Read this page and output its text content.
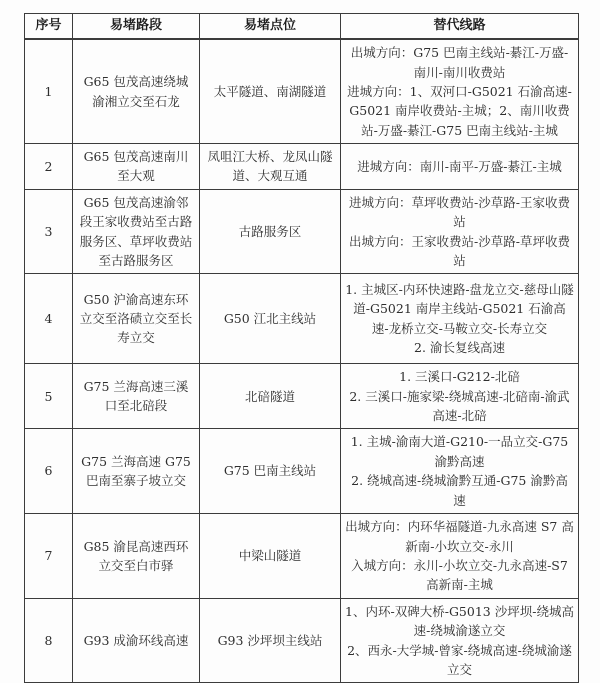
序号	易堵路段	易堵点位	替代线路
1	G65 包茂高速绕城渝湘立交至石龙	太平隧道、南湖隧道	出城方向：G75 巴南主线站-綦江-万盛-南川-南川收费站
进城方向：1、双河口-G5021 石渝高速-G5021 南岸收费站-主城；2、南川收费站-万盛-綦江-G75 巴南主线站-主城

2	G65 包茂高速南川至大观	凤咀江大桥、龙凤山隧道、大观互通	进城方向：南川-南平-万盛-綦江-主城

3	G65 包茂高速渝邻段王家收费站至古路服务区、草坪收费站至古路服务区	古路服务区	进城方向：草坪收费站-沙草路-王家收费站
出城方向：王家收费站-沙草路-草坪收费站

4	G50 沪渝高速东环立交至洛碛立交至长寿立交	G50 江北主线站	1. 主城区-内环快速路-盘龙立交-慈母山隧道-G5021 南岸主线站-G5021 石渝高速-龙桥立交-马鞍立交-长寿立交
2. 渝长复线高速

5	G75 兰海高速三溪口至北碚段	北碚隧道	1. 三溪口-G212-北碚
2. 三溪口-施家梁-绕城高速-北碚南-渝武高速-北碚

6	G75 兰海高速 G75 巴南至寨子坡立交	G75 巴南主线站	1. 主城-渝南大道-G210-一品立交-G75 渝黔高速
2. 绕城高速-绕城渝黔互通-G75 渝黔高速

7	G85 渝昆高速西环立交至白市驿	中梁山隧道	出城方向：内环华福隧道-九永高速 S7 高新南-小坎立交-永川
入城方向：永川-小坎立交-九永高速-S7 高新南-主城

8	G93 成渝环线高速	G93 沙坪坝主线站	1、内环-双碑大桥-G5013 沙坪坝-绕城高速-绕城渝遂立交
2、西永-大学城-曾家-绕城高速-绕城渝遂立交
